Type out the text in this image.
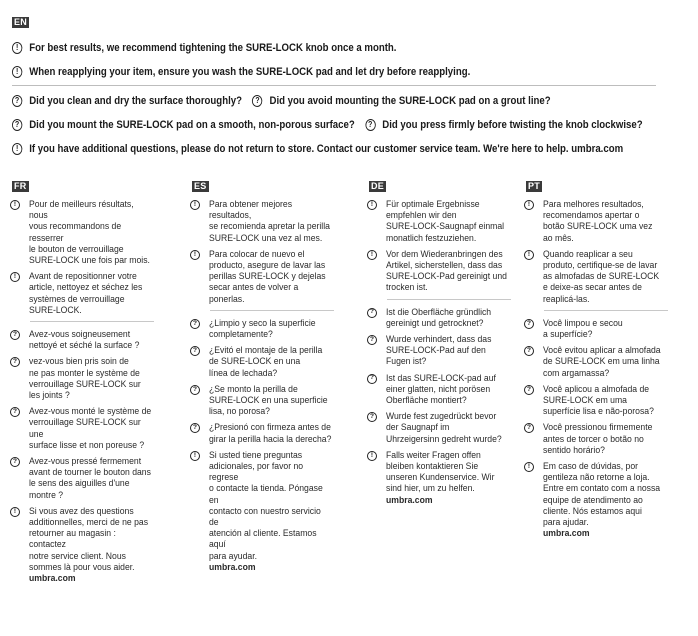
EN
! For best results, we recommend tightening the SURE-LOCK knob once a month.
! When reapplying your item, ensure you wash the SURE-LOCK pad and let dry before reapplying.
? Did you clean and dry the surface thoroughly?	? Did you avoid mounting the SURE-LOCK pad on a grout line?
? Did you mount the SURE-LOCK pad on a smooth, non-porous surface?	? Did you press firmly before twisting the knob clockwise?
! If you have additional questions, please do not return to store. Contact our customer service team. We're here to help. umbra.com
FR
!	Pour de meilleurs résultats, nous
vous recommandons de resserrer
le bouton de verrouillage
SURE-LOCK une fois par mois.
!	Avant de repositionner votre
article, nettoyez et séchez les
systèmes de verrouillage
SURE-LOCK.
?	Avez-vous soigneusement
nettoyé et séché la surface ?
?	vez-vous bien pris soin de
ne pas monter le système de
verrouillage SURE-LOCK sur
les joints ?
?	Avez-vous monté le système de
verrouillage SURE-LOCK sur une
surface lisse et non poreuse ?
?	Avez-vous pressé fermement
avant de tourner le bouton dans
le sens des aiguilles d'une
montre ?
!	Si vous avez des questions
additionnelles, merci de ne pas
retourner au magasin : contactez
notre service client. Nous
sommes là pour vous aider.
umbra.com
ES
!	Para obtener mejores resultados,
se recomienda apretar la perilla
SURE-LOCK una vez al mes.
!	Para colocar de nuevo el
producto, asegure de lavar las
perillas SURE-LOCK y dejelas
secar antes de volver a ponerlas.
?	¿Limpio y seco la superficie
completamente?
?	¿Evitó el montaje de la perilla
de SURE-LOCK en una
línea de lechada?
?	¿Se monto la perilla de
SURE-LOCK en una superficie
lisa, no porosa?
?	¿Presionó con firmeza antes de
girar la perilla hacia la derecha?
!	Si usted tiene preguntas
adicionales, por favor no regrese
o contacte la tienda. Póngase en
contacto con nuestro servicio de
atención al cliente. Estamos aquí
para ayudar.
umbra.com
DE
!	Für optimale Ergebnisse
empfehlen wir den
SURE-LOCK-Saugnapf einmal
monatlich festzuziehen.
!	Vor dem Wiederanbringen des
Artikel, sicherstellen, dass das
SURE-LOCK-Pad gereinigt und
trocken ist.
?	Ist die Oberfläche gründlich
gereinigt und getrocknet?
?	Wurde verhindert, dass das
SURE-LOCK-Pad auf den
Fugen ist?
?	Ist das SURE-LOCK-pad auf
einer glatten, nicht porösen
Oberfläche montiert?
?	Wurde fest zugedrückt bevor
der Saugnapf im
Uhrzeigersinn gedreht wurde?
!	Falls weiter Fragen offen
bleiben kontaktieren Sie
unseren Kundenservice. Wir
sind hier, um zu helfen.
umbra.com
PT
!	Para melhores resultados,
recomendamos apertar o
botão SURE-LOCK uma vez
ao mês.
!	Quando reaplicar a seu
produto, certifique-se de lavar
as almofadas de SURE-LOCK
e deixe-as secar antes de
reaplicá-las.
?	Você limpou e secou
a superfície?
?	Você evitou aplicar a almofada
de SURE-LOCK em uma linha
com argamassa?
?	Você aplicou a almofada de
SURE-LOCK em uma
superfície lisa e não-porosa?
?	Você pressionou firmemente
antes de torcer o botão no
sentido horário?
!	Em caso de dúvidas, por
gentileza não retorne a loja.
Entre em contato com a nossa
equipe de atendimento ao
cliente. Nós estamos aqui
para ajudar.
umbra.com
